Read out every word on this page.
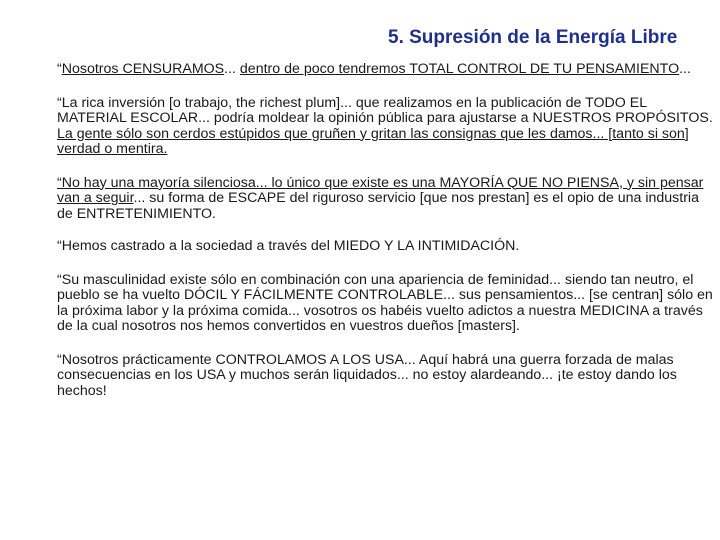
5. Supresión de la Energía Libre

“Nosotros CENSURAMOS... dentro de poco tendremos TOTAL CONTROL DE TU PENSAMIENTO...

“La rica inversión [o trabajo, the richest plum]... que realizamos en la publicación de TODO EL MATERIAL ESCOLAR... podría moldear la opinión pública para ajustarse a NUESTROS PROPÓSITOS. La gente sólo son cerdos estúpidos que gruñen y gritan las consignas que les damos... [tanto si son] verdad o mentira.

“No hay una mayoría silenciosa... lo único que existe es una MAYORÍA QUE NO PIENSA, y sin pensar van a seguir... su forma de ESCAPE del riguroso servicio [que nos prestan] es el opio de una industria de ENTRETENIMIENTO.

“Hemos castrado a la sociedad a través del MIEDO Y LA INTIMIDACIÓN.

“Su masculinidad existe sólo en combinación con una apariencia de feminidad... siendo tan neutro, el pueblo se ha vuelto DÓCIL Y FÁCILMENTE CONTROLABLE... sus pensamientos... [se centran] sólo en la próxima labor y la próxima comida... vosotros os habéis vuelto adictos a nuestra MEDICINA a través de la cual nosotros nos hemos convertidos en vuestros dueños [masters].

“Nosotros prácticamente CONTROLAMOS A LOS USA... Aquí habrá una guerra forzada de malas consecuencias en los USA y muchos serán liquidados... no estoy alardeando... ¡te estoy dando los hechos!
